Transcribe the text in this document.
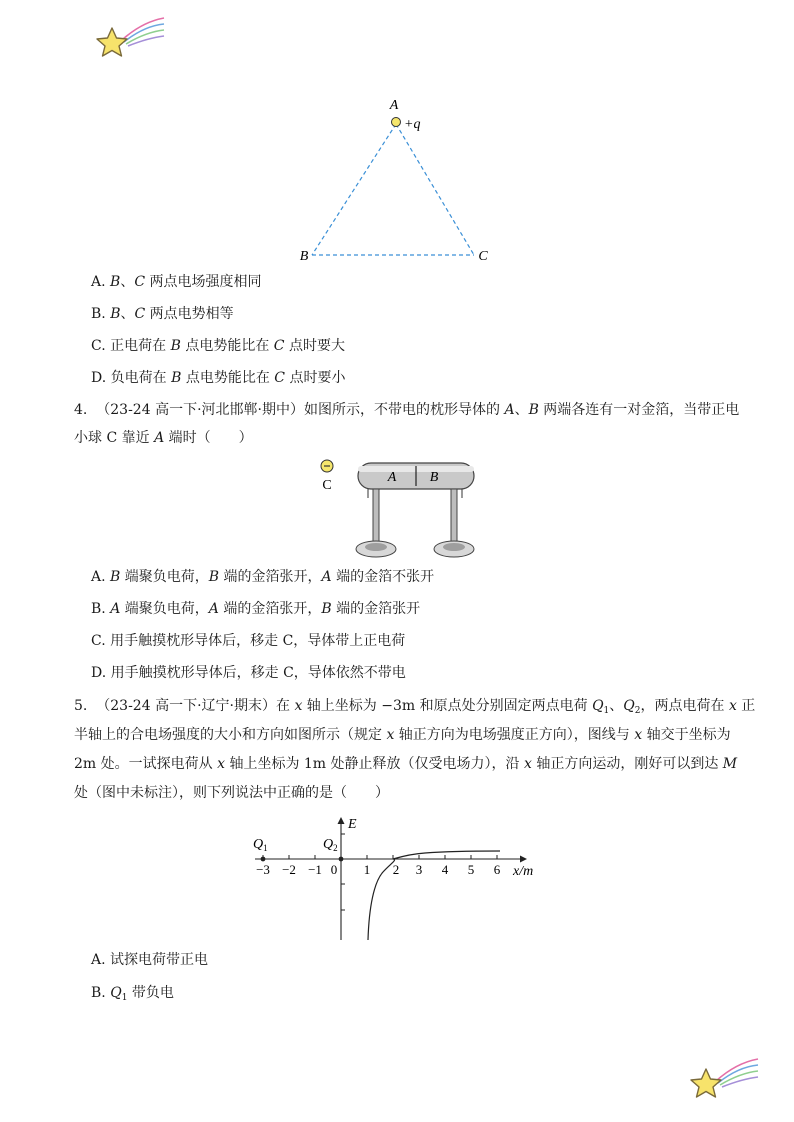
A
+q
B	C
A. B、C 两点电场强度相同
B. B、C 两点电势相等
C. 正电荷在 B 点电势能比在 C 点时要大
D. 负电荷在 B 点电势能比在 C 点时要小
4. （23-24 高一下·河北邯郸·期中）如图所示，不带电的枕形导体的 A、B 两端各连有一对金箔，当带正电
小球 C 靠近 A 端时（　　）
C
A B
A. B 端聚负电荷，B 端的金箔张开，A 端的金箔不张开
B. A 端聚负电荷，A 端的金箔张开，B 端的金箔张开
C. 用手触摸枕形导体后，移走 C，导体带上正电荷
D. 用手触摸枕形导体后，移走 C，导体依然不带电
5. （23-24 高一下·辽宁·期末）在 x 轴上坐标为 −3m 和原点处分别固定两点电荷 $Q_1$、$Q_2$，两点电荷在 x 正
半轴上的合电场强度的大小和方向如图所示（规定 x 轴正方向为电场强度正方向），图线与 x 轴交于坐标为
2m 处。一试探电荷从 x 轴上坐标为 1m 处静止释放（仅受电场力），沿 x 轴正方向运动，刚好可以到达 M
处（图中未标注），则下列说法中正确的是（　　）
E
x/m
$Q_1$	$Q_2$
−3 −2 −1 0 1 2 3 4 5 6
A. 试探电荷带正电
B. $Q_1$ 带负电
